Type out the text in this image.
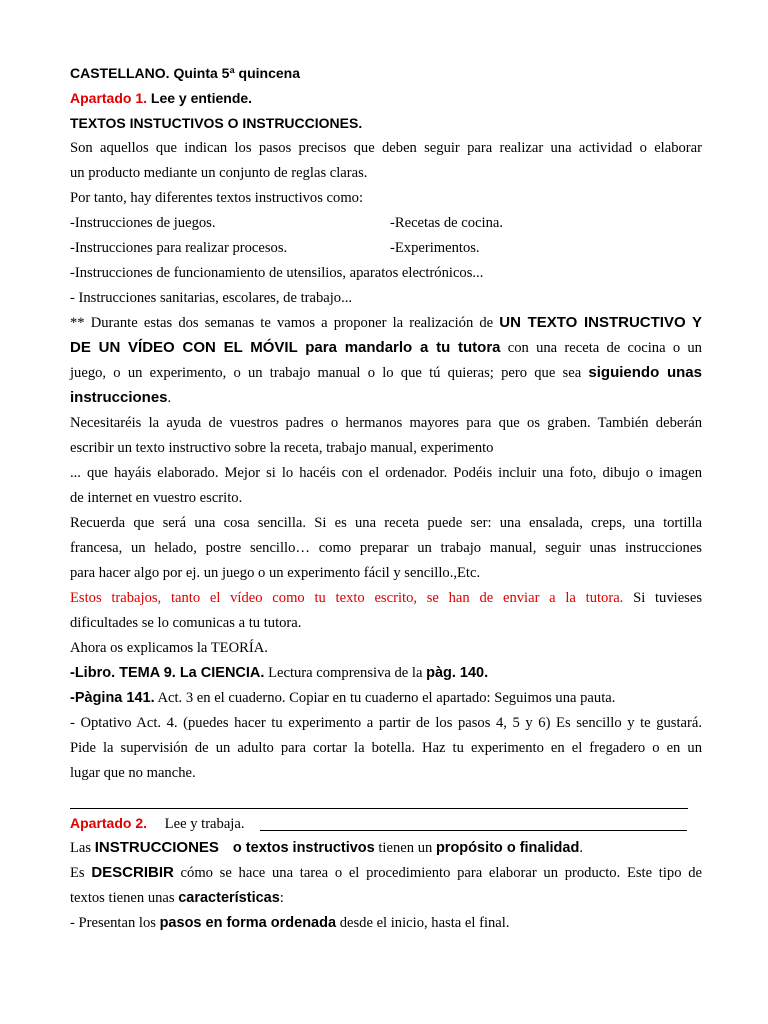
CASTELLANO. Quinta 5ª quincena
Apartado 1. Lee y entiende.
TEXTOS INSTUCTIVOS O INSTRUCCIONES.
Son aquellos que indican los pasos precisos que deben seguir para realizar una actividad o elaborar
un producto mediante un conjunto de reglas claras.
Por tanto, hay diferentes textos instructivos como:
-Instrucciones de juegos.	-Recetas de cocina.
-Instrucciones para realizar procesos.	-Experimentos.
-Instrucciones de funcionamiento de utensilios, aparatos electrónicos...
- Instrucciones sanitarias, escolares, de trabajo...
** Durante estas dos semanas te vamos a proponer la realización de UN TEXTO INSTRUCTIVO Y
DE UN VÍDEO CON EL MÓVIL para mandarlo a tu tutora con una receta de cocina o un
juego, o un experimento, o un trabajo manual o lo que tú quieras; pero que sea siguiendo unas
instrucciones.
Necesitaréis la ayuda de vuestros padres o hermanos mayores para que os graben. También deberán
escribir un texto instructivo sobre la receta, trabajo manual, experimento
... que hayáis elaborado. Mejor si lo hacéis con el ordenador. Podéis incluir una foto, dibujo o imagen
de internet en vuestro escrito.
Recuerda que será una cosa sencilla. Si es una receta puede ser: una ensalada, creps, una tortilla
francesa, un helado, postre sencillo… como preparar un trabajo manual, seguir unas instrucciones
para hacer algo por ej. un juego o un experimento fácil y sencillo.,Etc.
Estos trabajos, tanto el vídeo como tu texto escrito, se han de enviar a la tutora. Si tuvieses
dificultades se lo comunicas a tu tutora.
Ahora os explicamos la TEORÍA.
-Libro. TEMA 9. La CIENCIA. Lectura comprensiva de la pàg. 140.
-Pàgina 141. Act. 3 en el cuaderno. Copiar en tu cuaderno el apartado: Seguimos una pauta.
- Optativo Act. 4. (puedes hacer tu experimento a partir de los pasos 4, 5 y 6) Es sencillo y te gustará.
Pide la supervisión de un adulto para cortar la botella. Haz tu experimento en el fregadero o en un
lugar que no manche.
Apartado 2. Lee y trabaja.
Las INSTRUCCIONES o textos instructivos tienen un propósito o finalidad.
Es DESCRIBIR cómo se hace una tarea o el procedimiento para elaborar un producto. Este tipo de
textos tienen unas características:
- Presentan los pasos en forma ordenada desde el inicio, hasta el final.
